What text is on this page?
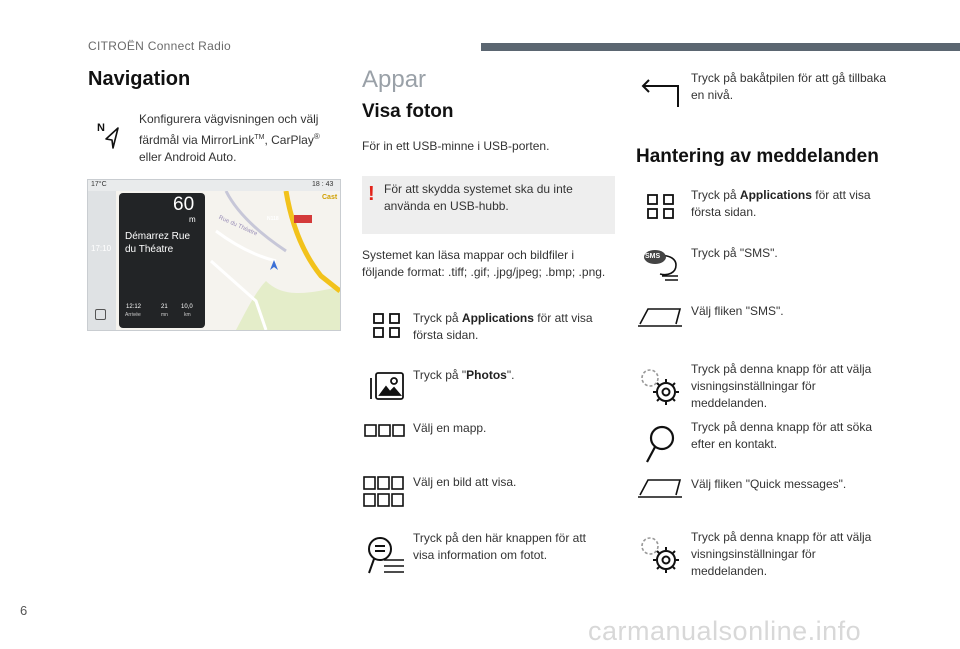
CITROËN Connect Radio
Navigation
N
Konfigurera vägvisningen och välj färdmål via MirrorLink™, CarPlay® eller Android Auto.
17°C	18 : 43
17:10
N118
Rue du Théatre
Cast
60
m
Démarrez Rue
du Théatre
12:12
Arrivée
21
mn
10,0
km
Appar
Visa foton
För in ett USB-minne i USB-porten.
! För att skydda systemet ska du inte använda en USB-hubb.
Systemet kan läsa mappar och bildfiler i följande format: .tiff; .gif; .jpg/jpeg; .bmp; .png.
Tryck på Applications för att visa första sidan.
Tryck på "Photos".
Välj en mapp.
Välj en bild att visa.
Tryck på den här knappen för att visa information om fotot.
Tryck på bakåtpilen för att gå tillbaka en nivå.
Hantering av meddelanden
Tryck på Applications för att visa första sidan.
SMS	Tryck på "SMS".
Välj fliken "SMS".
Tryck på denna knapp för att välja visningsinställningar för meddelanden.
Tryck på denna knapp för att söka efter en kontakt.
Välj fliken "Quick messages".
Tryck på denna knapp för att välja visningsinställningar för meddelanden.
6
carmanualsonline.info
